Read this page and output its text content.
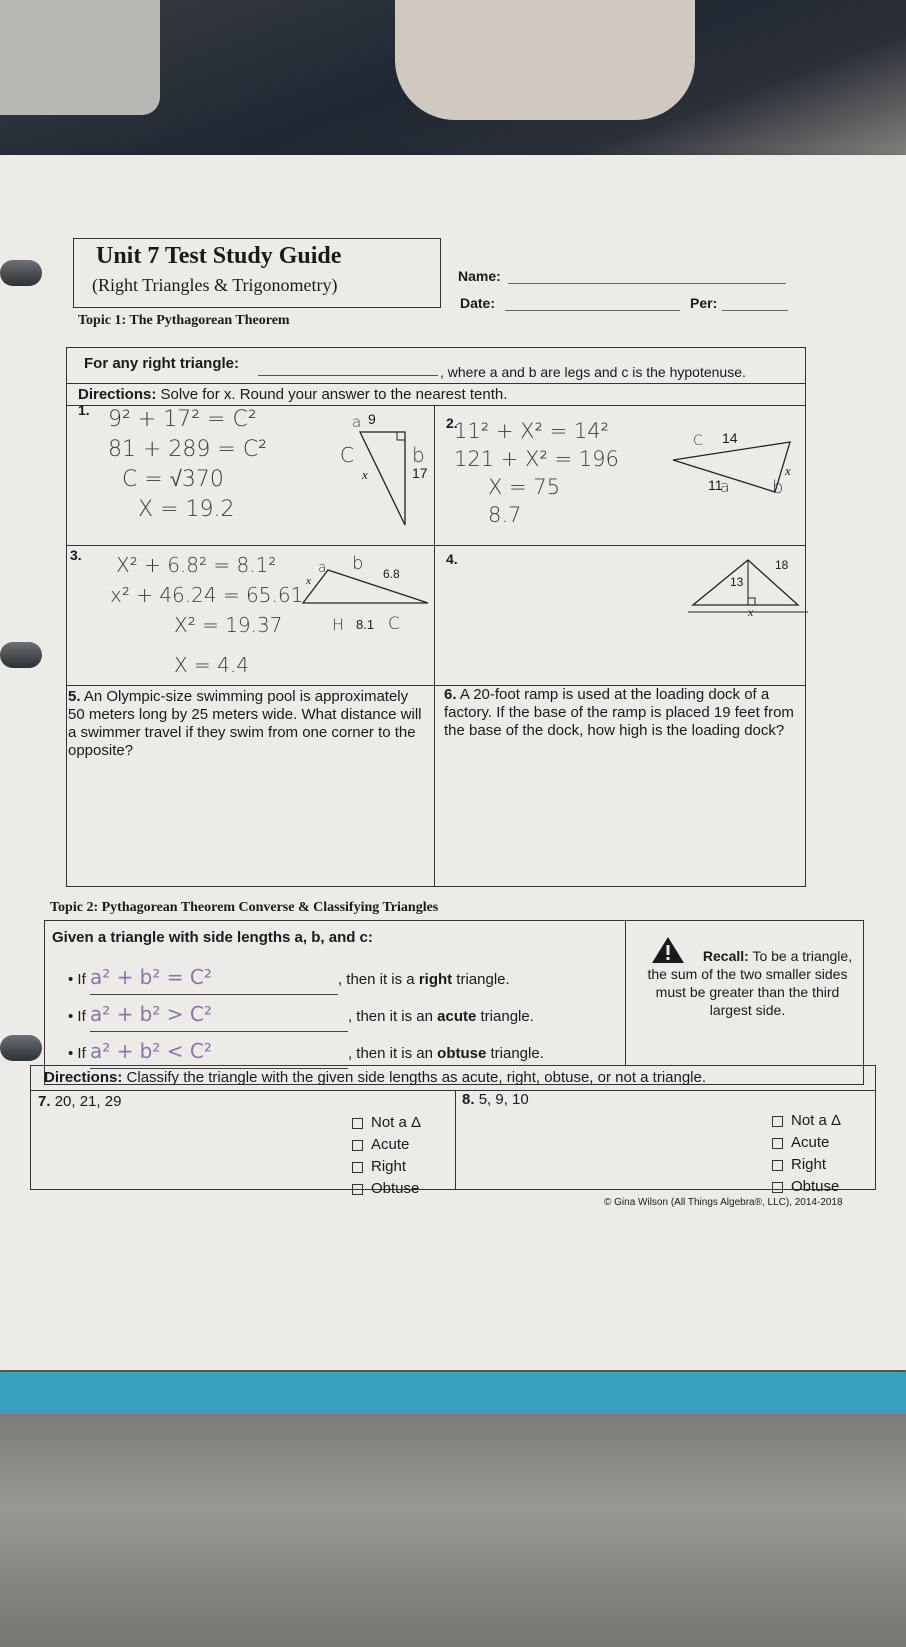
Unit 7 Test Study Guide
(Right Triangles & Trigonometry)	Name:
Date:	Per:
Topic 1: The Pythagorean Theorem
For any right triangle:	, where a and b are legs and c is the hypotenuse.
Directions: Solve for x. Round your answer to the nearest tenth.
1. 9² + 17² = C²
81 + 289 = C²
C = √370
X = 19.2
a 9
C	b
17
x
2.
11² + X² = 14²
121 + X² = 196
X = 75
8.7
C 14
11
a b
x
3. X² + 6.8² = 8.1²
x² + 46.24 = 65.61
X² = 19.37
X = 4.4
a b 6.8
x
H 8.1 C
4.
13
18
x
5. An Olympic-size swimming pool is approximately 50 meters long by 25 meters wide. What distance will a swimmer travel if they swim from one corner to the opposite?
6. A 20-foot ramp is used at the loading dock of a factory. If the base of the ramp is placed 19 feet from the base of the dock, how high is the loading dock?
Topic 2: Pythagorean Theorem Converse & Classifying Triangles
Given a triangle with side lengths a, b, and c:
• If a² + b² = C²	, then it is a right triangle.
• If a² + b² > C²	, then it is an acute triangle.
• If a² + b² < C²	, then it is an obtuse triangle.
Recall: To be a triangle, the sum of the two smaller sides must be greater than the third largest side.
Directions: Classify the triangle with the given side lengths as acute, right, obtuse, or not a triangle.
7. 20, 21, 29
Not a Δ
Acute
Right
Obtuse
8. 5, 9, 10
Not a Δ
Acute
Right
Obtuse
© Gina Wilson (All Things Algebra®, LLC), 2014-2018
